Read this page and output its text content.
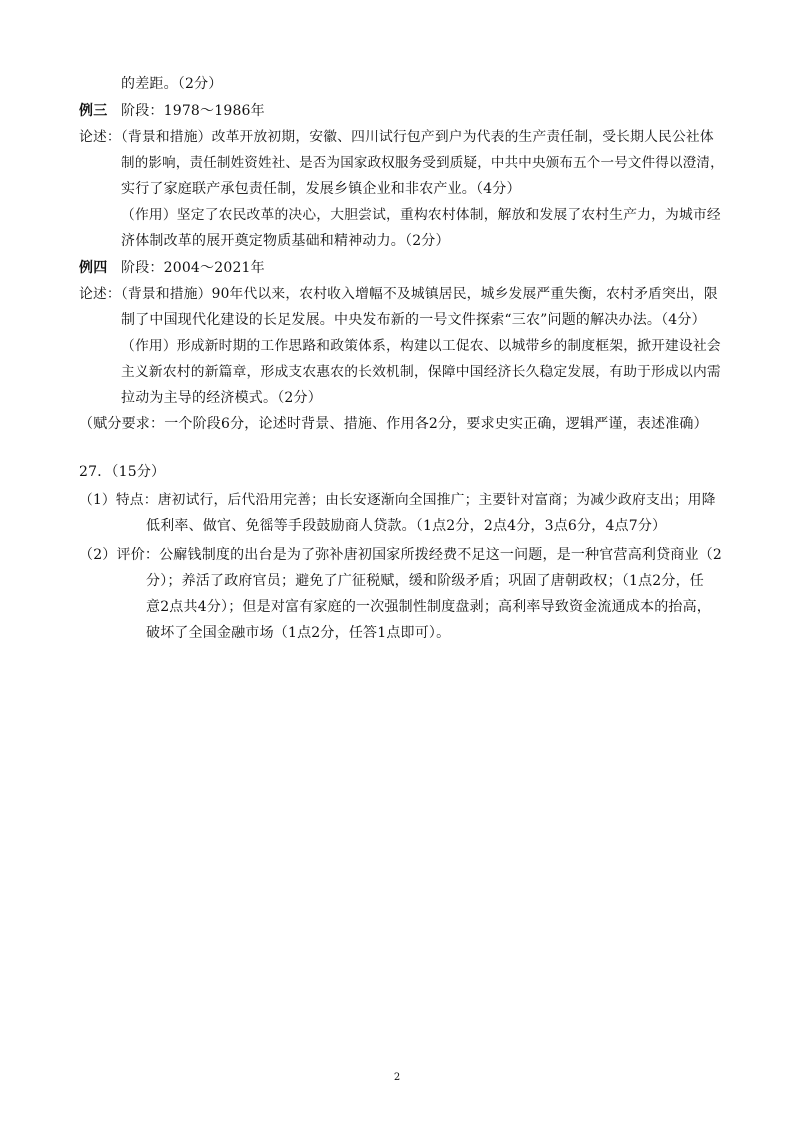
的差距。（2分）
例三 阶段：1978～1986年
论述：（背景和措施）改革开放初期，安徽、四川试行包产到户为代表的生产责任制，受长期人民公社体
制的影响，责任制姓资姓社、是否为国家政权服务受到质疑，中共中央颁布五个一号文件得以澄清，
实行了家庭联产承包责任制，发展乡镇企业和非农产业。（4分）
（作用）坚定了农民改革的决心，大胆尝试，重构农村体制，解放和发展了农村生产力，为城市经
济体制改革的展开奠定物质基础和精神动力。（2分）
例四 阶段：2004～2021年
论述：（背景和措施）90年代以来，农村收入增幅不及城镇居民，城乡发展严重失衡，农村矛盾突出，限
制了中国现代化建设的长足发展。中央发布新的一号文件探索“三农”问题的解决办法。（4分）
（作用）形成新时期的工作思路和政策体系，构建以工促农、以城带乡的制度框架，掀开建设社会
主义新农村的新篇章，形成支农惠农的长效机制，保障中国经济长久稳定发展，有助于形成以内需
拉动为主导的经济模式。（2分）
（赋分要求：一个阶段6分，论述时背景、措施、作用各2分，要求史实正确，逻辑严谨，表述准确）
27．（15分）
（1）特点：唐初试行，后代沿用完善；由长安逐渐向全国推广；主要针对富商；为减少政府支出；用降
低利率、做官、免徭等手段鼓励商人贷款。（1点2分，2点4分，3点6分，4点7分）
（2）评价：公廨钱制度的出台是为了弥补唐初国家所拨经费不足这一问题，是一种官营高利贷商业（2
分）；养活了政府官员；避免了广征税赋，缓和阶级矛盾；巩固了唐朝政权；（1点2分，任
意2点共4分）；但是对富有家庭的一次强制性制度盘剥；高利率导致资金流通成本的抬高，
破坏了全国金融市场（1点2分，任答1点即可）。
2
